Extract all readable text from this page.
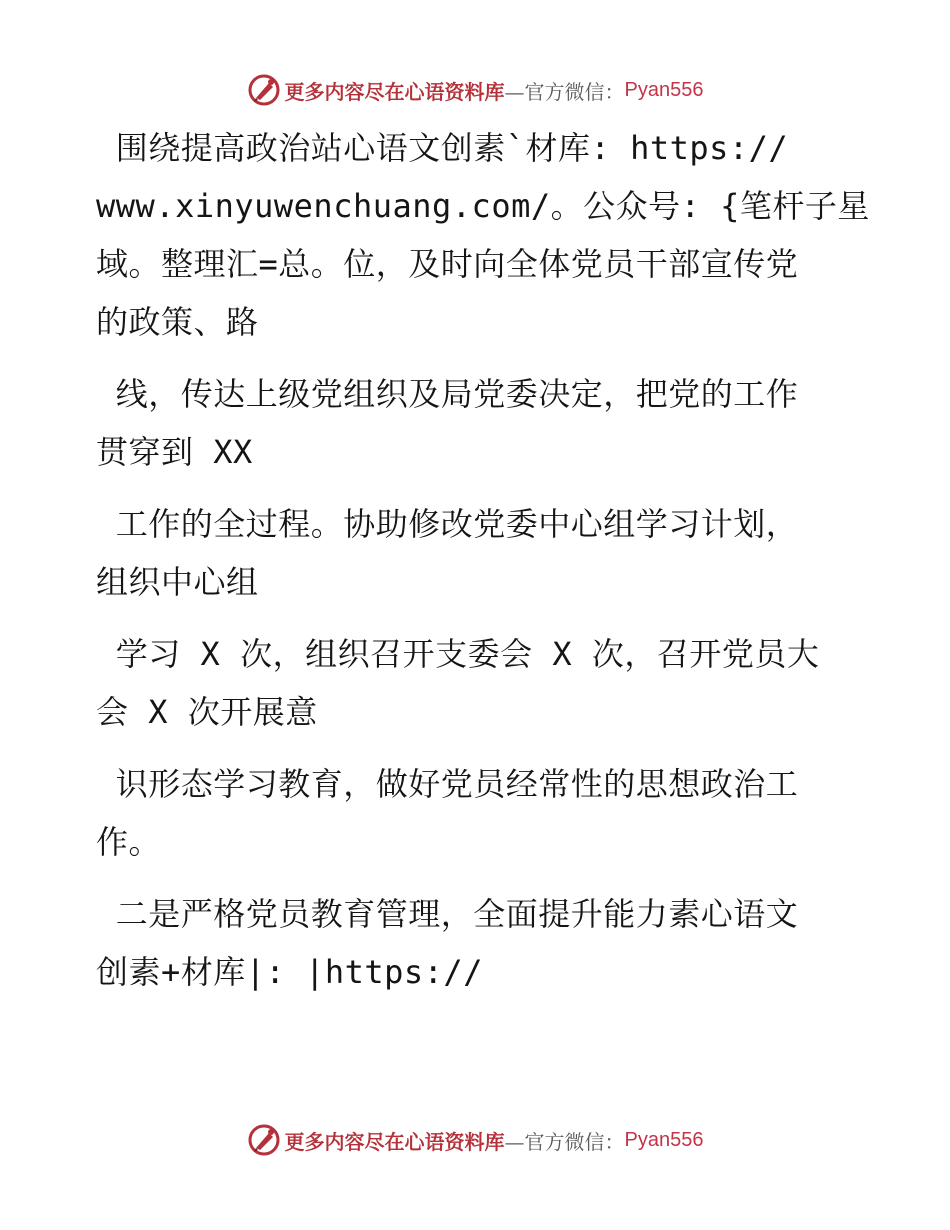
更多内容尽在心语资料库 —官方微信： Pyan556
围绕提高政治站心语文创素`材库: https://
www.xinyuwenchuang.com/。公众号: {笔杆子星
域。整理汇=总。位，及时向全体党员干部宣传党
的政策、路
线，传达上级党组织及局党委决定，把党的工作
贯穿到 XX
工作的全过程。协助修改党委中心组学习计划，
组织中心组
学习 X 次，组织召开支委会 X 次，召开党员大
会 X 次开展意
识形态学习教育，做好党员经常性的思想政治工
作。
二是严格党员教育管理，全面提升能力素心语文
创素+材库|: |https://
更多内容尽在心语资料库 —官方微信： Pyan556
